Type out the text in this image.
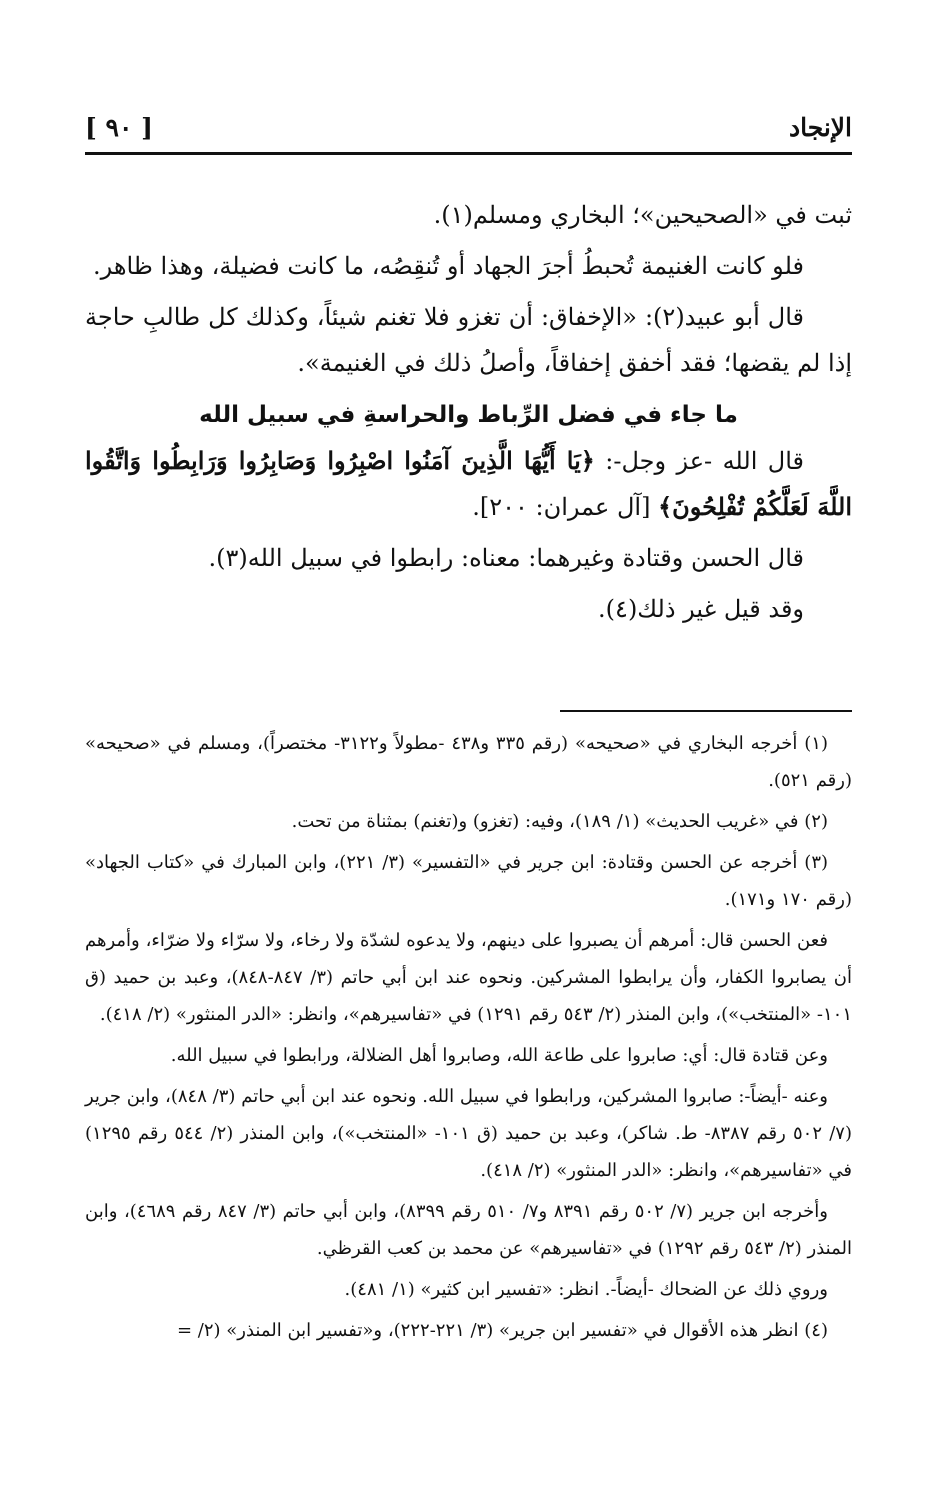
الإنجاد
[ ٩٠ ]

ثبت في «الصحيحين»؛ البخاري ومسلم(١).

فلو كانت الغنيمة تُحبطُ أجرَ الجهاد أو تُنقِصُه، ما كانت فضيلة، وهذا ظاهر.

قال أبو عبيد(٢): «الإخفاق: أن تغزو فلا تغنم شيئاً، وكذلك كل طالبِ حاجة إذا لم يقضها؛ فقد أخفق إخفاقاً، وأصلُ ذلك في الغنيمة».

ما جاء في فضل الرِّباط والحراسةِ في سبيل الله

قال الله -عز وجل-: ﴿يَا أَيُّهَا الَّذِينَ آمَنُوا اصْبِرُوا وَصَابِرُوا وَرَابِطُوا وَاتَّقُوا اللَّهَ لَعَلَّكُمْ تُفْلِحُونَ﴾ [آل عمران: ٢٠٠].

قال الحسن وقتادة وغيرهما: معناه: رابطوا في سبيل الله(٣).

وقد قيل غير ذلك(٤).

(١) أخرجه البخاري في «صحيحه» (رقم ٣٣٥ و٤٣٨ -مطولاً و٣١٢٢- مختصراً)، ومسلم في «صحيحه» (رقم ٥٢١).

(٢) في «غريب الحديث» (١/ ١٨٩)، وفيه: (تغزو) و(تغنم) بمثناة من تحت.

(٣) أخرجه عن الحسن وقتادة: ابن جرير في «التفسير» (٣/ ٢٢١)، وابن المبارك في «كتاب الجهاد» (رقم ١٧٠ و١٧١).

فعن الحسن قال: أمرهم أن يصبروا على دينهم، ولا يدعوه لشدّة ولا رخاء، ولا سرّاء ولا ضرّاء، وأمرهم أن يصابروا الكفار، وأن يرابطوا المشركين. ونحوه عند ابن أبي حاتم (٣/ ٨٤٧-٨٤٨)، وعبد بن حميد (ق ١٠١- «المنتخب»)، وابن المنذر (٢/ ٥٤٣ رقم ١٢٩١) في «تفاسيرهم»، وانظر: «الدر المنثور» (٢/ ٤١٨).

وعن قتادة قال: أي: صابروا على طاعة الله، وصابروا أهل الضلالة، ورابطوا في سبيل الله.

وعنه -أيضاً-: صابروا المشركين، ورابطوا في سبيل الله. ونحوه عند ابن أبي حاتم (٣/ ٨٤٨)، وابن جرير (٧/ ٥٠٢ رقم ٨٣٨٧- ط. شاكر)، وعبد بن حميد (ق ١٠١- «المنتخب»)، وابن المنذر (٢/ ٥٤٤ رقم ١٢٩٥) في «تفاسيرهم»، وانظر: «الدر المنثور» (٢/ ٤١٨).

وأخرجه ابن جرير (٧/ ٥٠٢ رقم ٨٣٩١ و٧/ ٥١٠ رقم ٨٣٩٩)، وابن أبي حاتم (٣/ ٨٤٧ رقم ٤٦٨٩)، وابن المنذر (٢/ ٥٤٣ رقم ١٢٩٢) في «تفاسيرهم» عن محمد بن كعب القرظي.

وروي ذلك عن الضحاك -أيضاً-. انظر: «تفسير ابن كثير» (١/ ٤٨١).

(٤) انظر هذه الأقوال في «تفسير ابن جرير» (٣/ ٢٢١-٢٢٢)، و«تفسير ابن المنذر» (٢/ =
